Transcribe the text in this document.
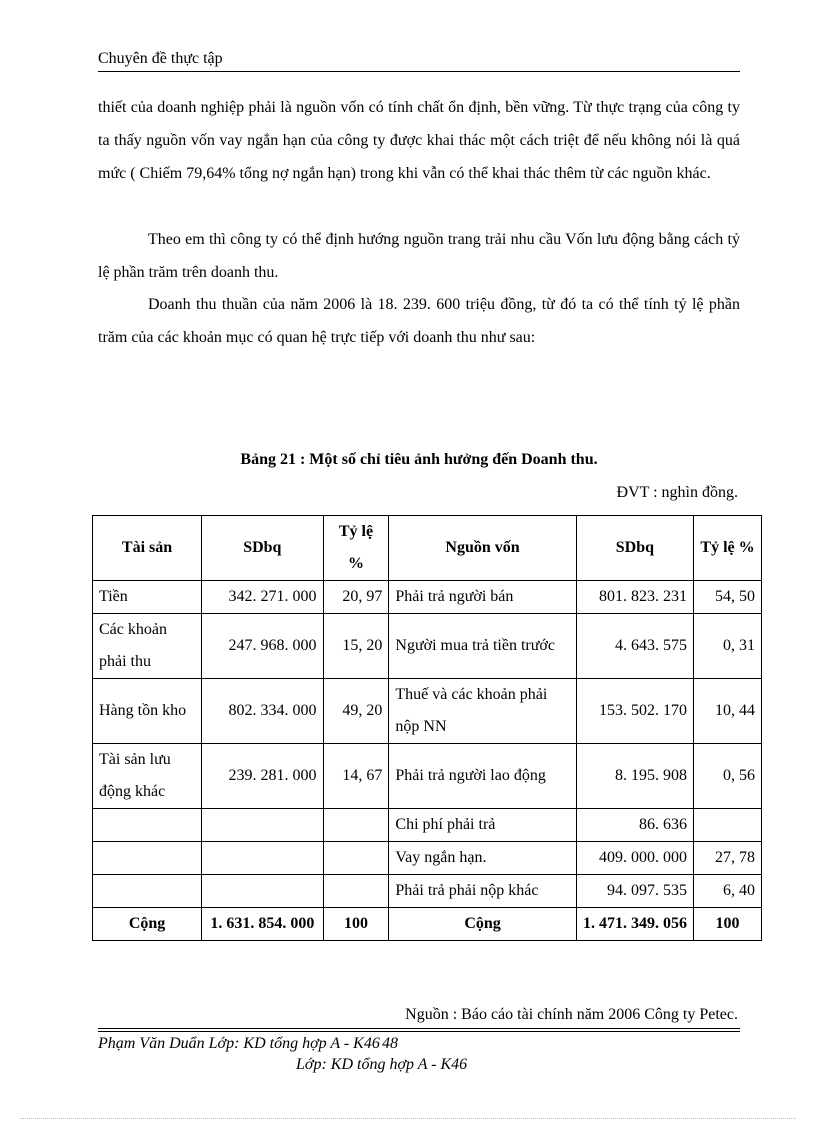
Chuyên đề thực tập

thiết của doanh nghiệp phải là nguồn vốn có tính chất ổn định, bền vững. Từ thực trạng của công ty ta thấy nguồn vốn vay ngắn hạn của công ty được khai thác một cách triệt để nếu không nói là quá mức ( Chiếm 79,64% tổng nợ ngắn hạn) trong khi vẫn có thể khai thác thêm từ các nguồn khác.

Theo em thì công ty có thể định hướng nguồn trang trải nhu cầu Vốn lưu động bằng cách tỷ lệ phần trăm trên doanh thu.

Doanh thu thuần của năm 2006 là 18. 239. 600 triệu đồng, từ đó ta có thể tính tỷ lệ phần trăm của các khoản mục có quan hệ trực tiếp với doanh thu như sau:

Bảng 21 : Một số chỉ tiêu ảnh hưởng đến Doanh thu.
ĐVT : nghìn đồng.
Tài sản	SDbq	Tỷ lệ %	Nguồn vốn	SDbq	Tỷ lệ %
Tiền	342. 271. 000	20, 97	Phải trả người bán	801. 823. 231	54, 50
Các khoản phải thu	247. 968. 000	15, 20	Người mua trả tiền trước	4. 643. 575	0, 31
Hàng tồn kho	802. 334. 000	49, 20	Thuế và các khoản phải nộp NN	153. 502. 170	10, 44
Tài sản lưu động khác	239. 281. 000	14, 67	Phải trả người lao động	8. 195. 908	0, 56
			Chi phí phải trả	86. 636	
			Vay ngắn hạn.	409. 000. 000	27, 78
			Phải trả phải nộp khác	94. 097. 535	6, 40
Cộng	1. 631. 854. 000	100	Cộng	1. 471. 349. 056	100
Nguồn : Báo cáo tài chính năm 2006 Công ty Petec.
Phạm Văn Duẩn Lớp: KD tổng hợp A - K46 48
Lớp: KD tổng hợp A - K46
